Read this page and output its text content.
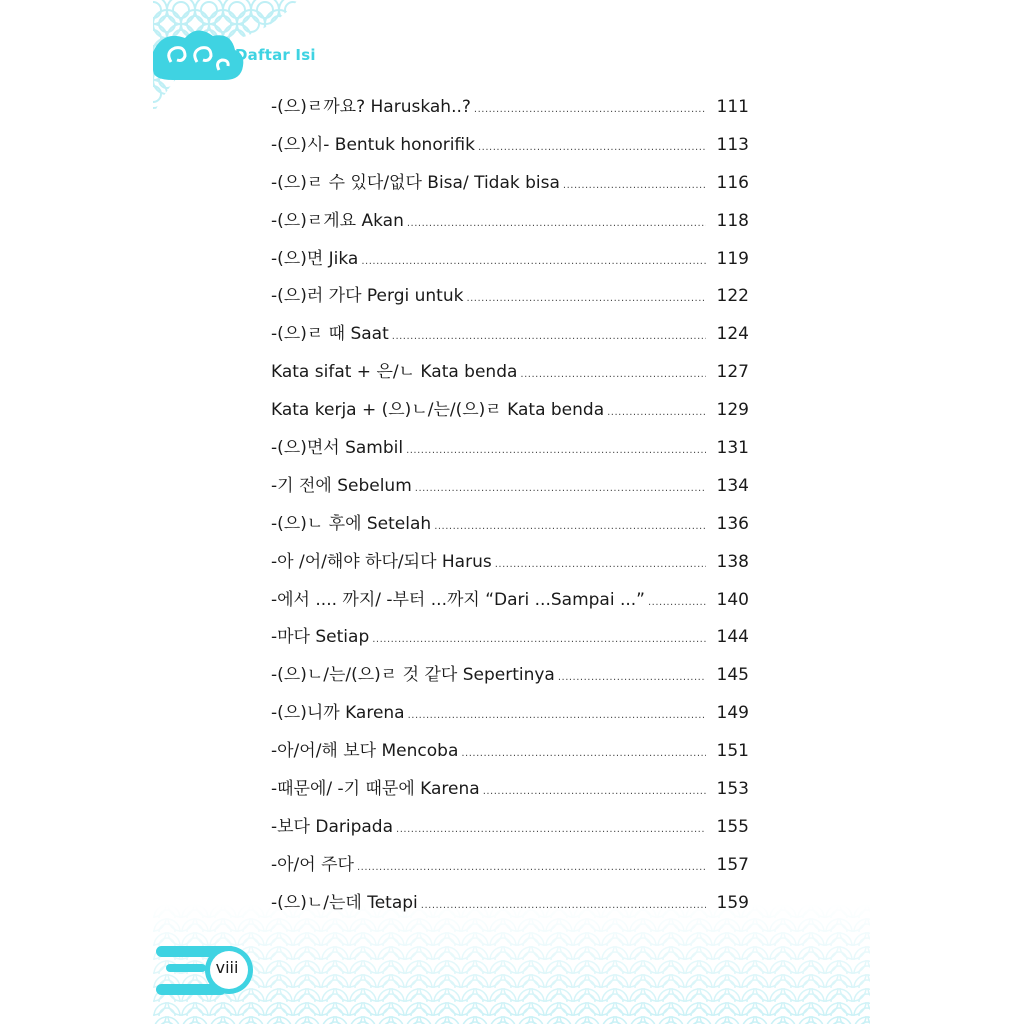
Daftar Isi
viii
-(으)ㄹ까요? Haruskah..? .....	111
-(으)시- Bentuk honorifik .....	113
-(으)ㄹ 수 있다/없다 Bisa/ Tidak bisa .....	116
-(으)ㄹ게요 Akan .....	118
-(으)면 Jika .....	119
-(으)러 가다 Pergi untuk .....	122
-(으)ㄹ 때 Saat .....	124
Kata sifat + 은/ㄴ Kata benda .....	127
Kata kerja + (으)ㄴ/는/(으)ㄹ Kata benda .....	129
-(으)면서 Sambil .....	131
-기 전에 Sebelum .....	134
-(으)ㄴ 후에 Setelah .....	136
-아 /어/해야 하다/되다 Harus .....	138
-에서 .... 까지/ -부터 ...까지 “Dari ...Sampai ...” .....	140
-마다 Setiap .....	144
-(으)ㄴ/는/(으)ㄹ 것 같다 Sepertinya .....	145
-(으)니까 Karena .....	149
-아/어/해 보다 Mencoba .....	151
-때문에/ -기 때문에 Karena .....	153
-보다 Daripada .....	155
-아/어 주다 .....	157
-(으)ㄴ/는데 Tetapi .....	159
